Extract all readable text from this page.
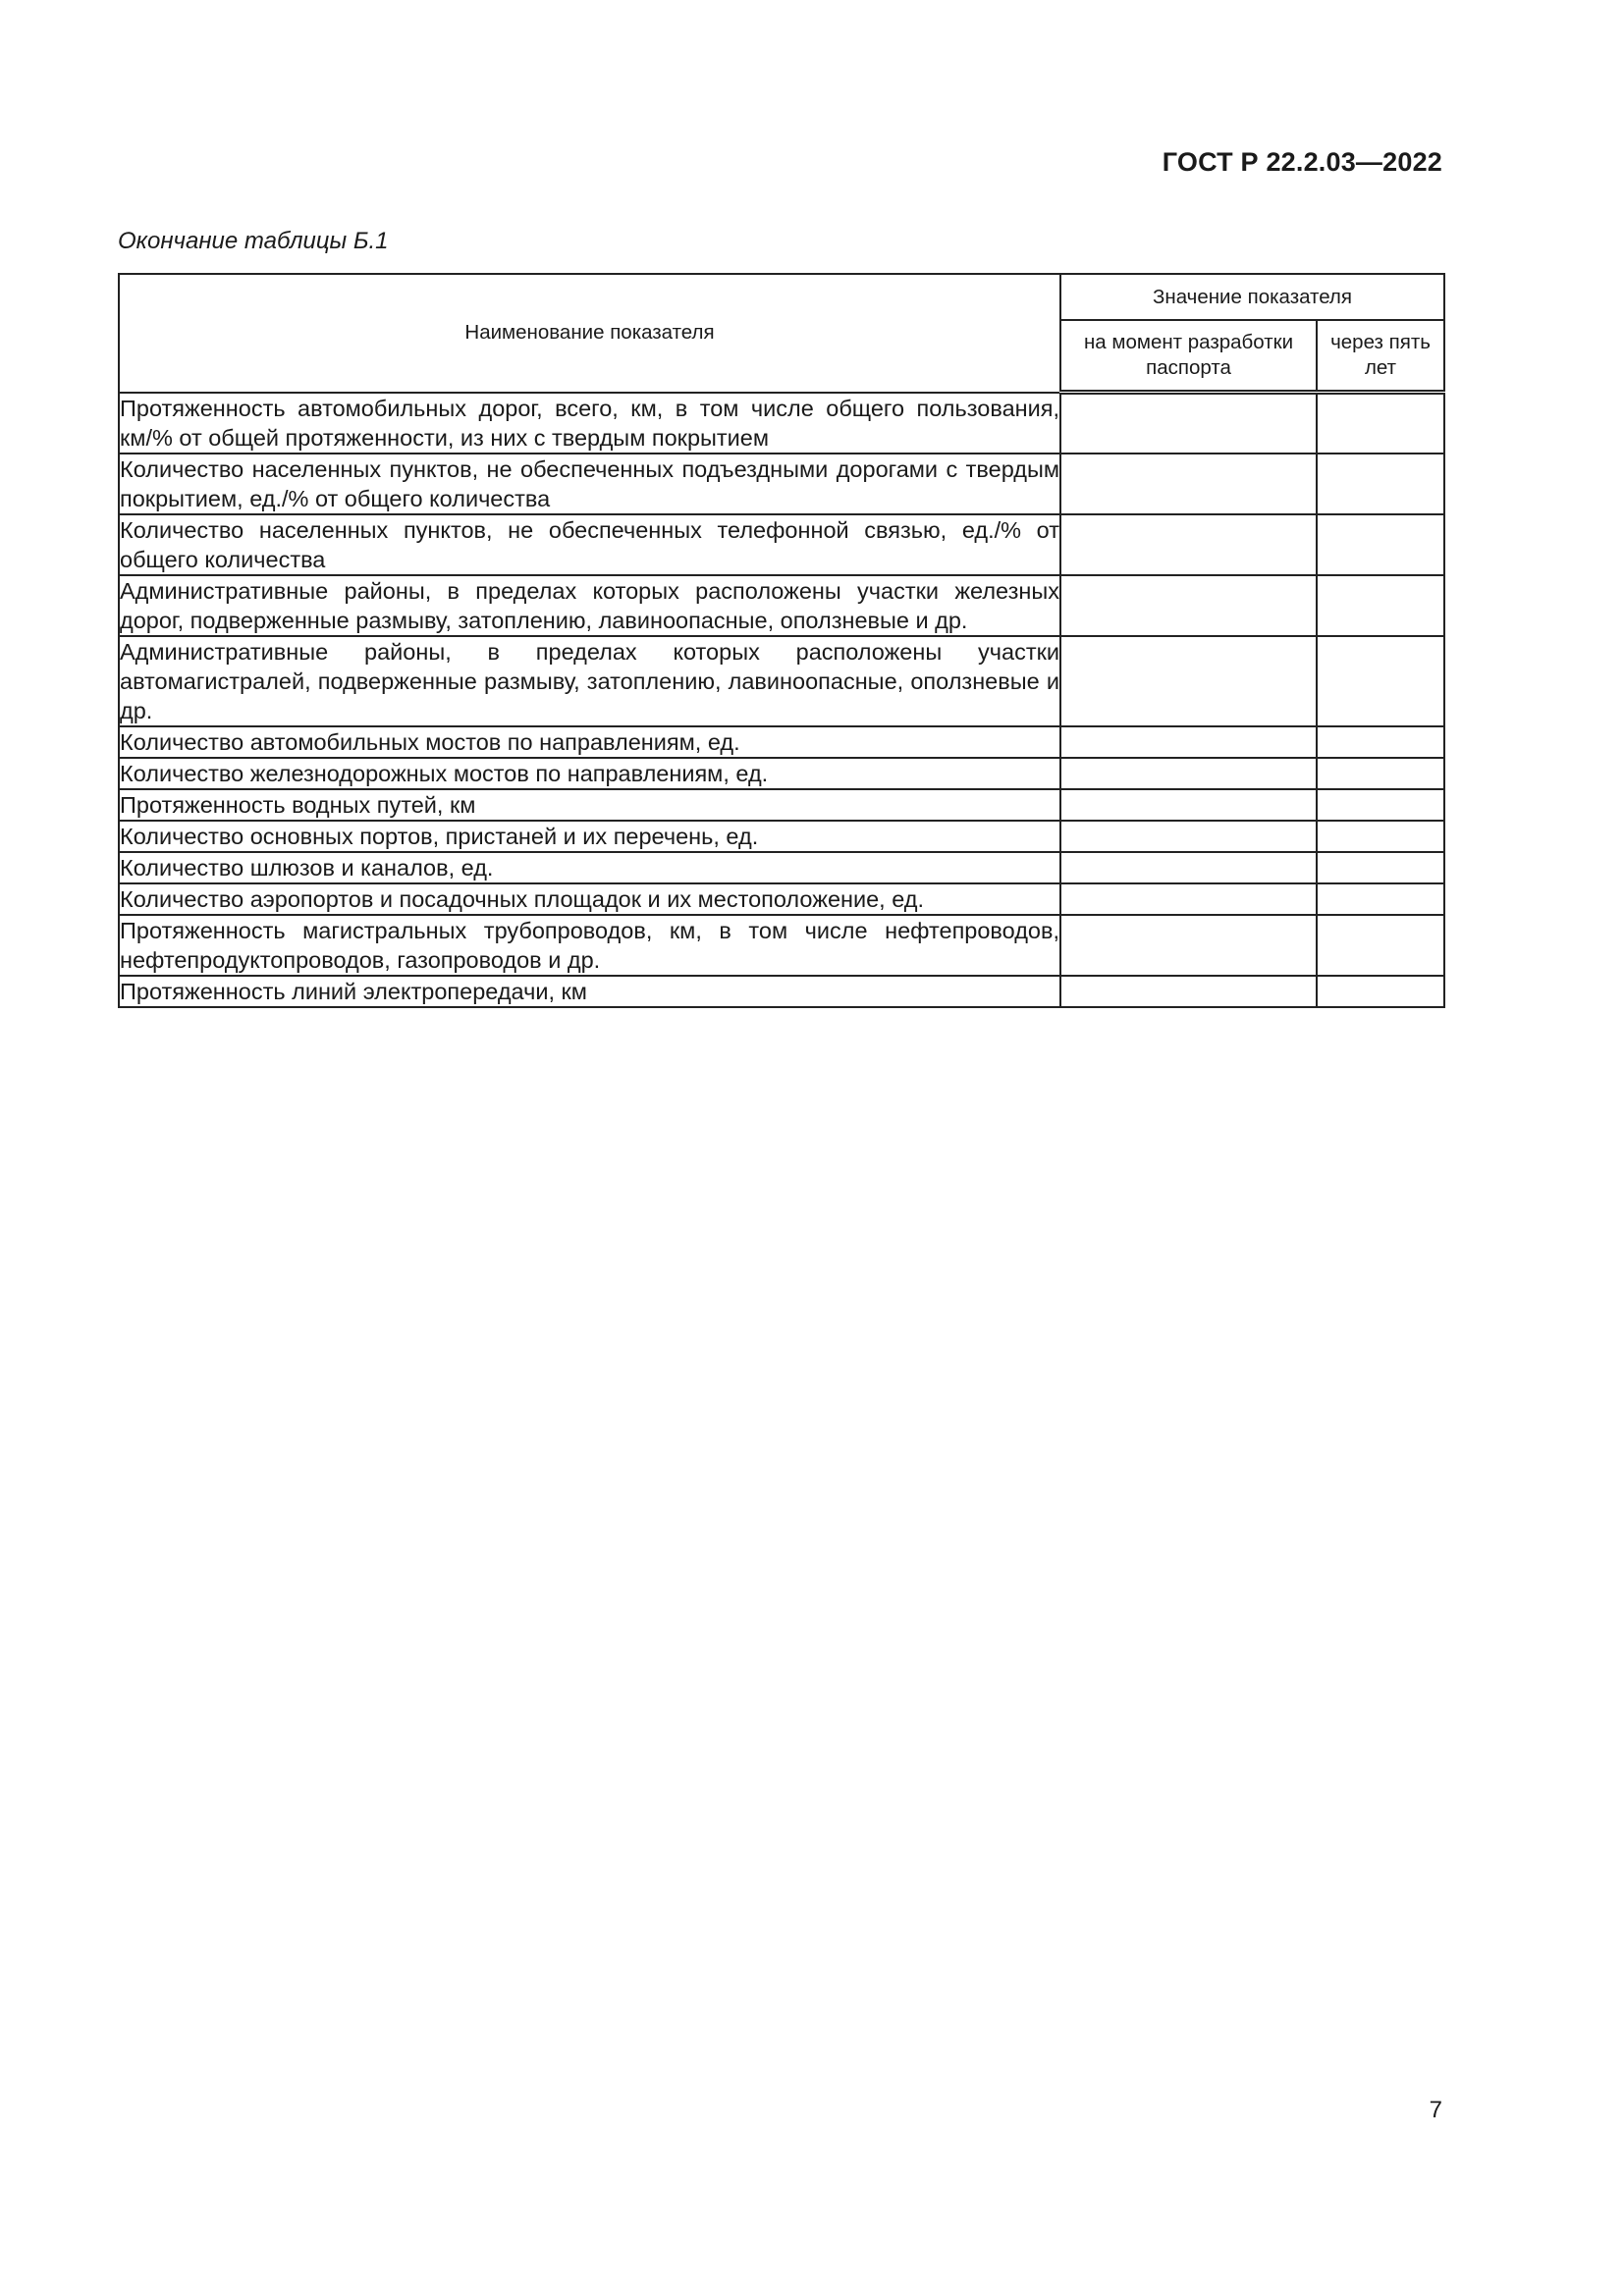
ГОСТ Р 22.2.03—2022
Окончание таблицы Б.1
Наименование показателя	Значение показателя	
	на момент разработки паспорта	через пять лет
Протяженность автомобильных дорог, всего, км, в том числе общего пользования, км/% от общей протяженности, из них с твердым покрытием		
Количество населенных пунктов, не обеспеченных подъездными дорогами с твердым покрытием, ед./% от общего количества		
Количество населенных пунктов, не обеспеченных телефонной связью, ед./% от общего количества		
Административные районы, в пределах которых расположены участки железных дорог, подверженные размыву, затоплению, лавиноопасные, оползневые и др.		
Административные районы, в пределах которых расположены участки автомагистралей, подверженные размыву, затоплению, лавиноопасные, оползневые и др.		
Количество автомобильных мостов по направлениям, ед.		
Количество железнодорожных мостов по направлениям, ед.		
Протяженность водных путей, км		
Количество основных портов, пристаней и их перечень, ед.		
Количество шлюзов и каналов, ед.		
Количество аэропортов и посадочных площадок и их местоположение, ед.		
Протяженность магистральных трубопроводов, км, в том числе нефтепроводов, нефтепродуктопроводов, газопроводов и др.		
Протяженность линий электропередачи, км		
7
